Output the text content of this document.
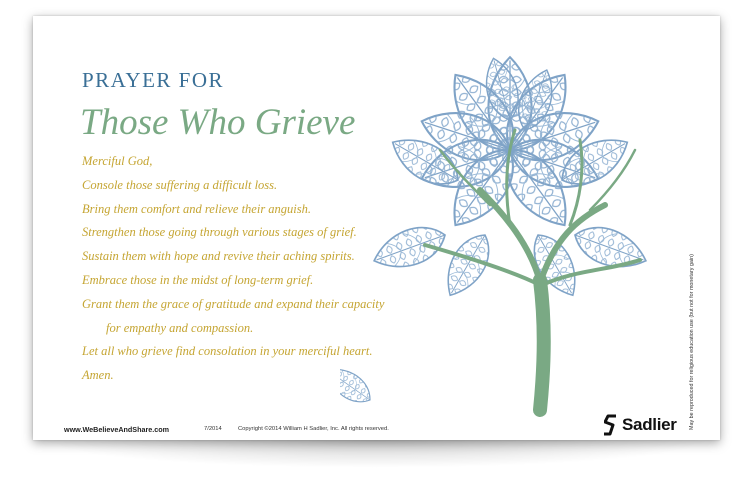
PRAYER FOR
Those Who Grieve
Merciful God,
Console those suffering a difficult loss.
Bring them comfort and relieve their anguish.
Strengthen those going through various stages of grief.
Sustain them with hope and revive their aching spirits.
Embrace those in the midst of long-term grief.
Grant them the grace of gratitude and expand their capacity
for empathy and compassion.
Let all who grieve find consolation in your merciful heart.
Amen.
www.WeBelieveAndShare.com	7/2014	Copyright ©2014 William H Sadlier, Inc. All rights reserved.	Sadlier May be reproduced for religious education use (but not for monetary gain)
